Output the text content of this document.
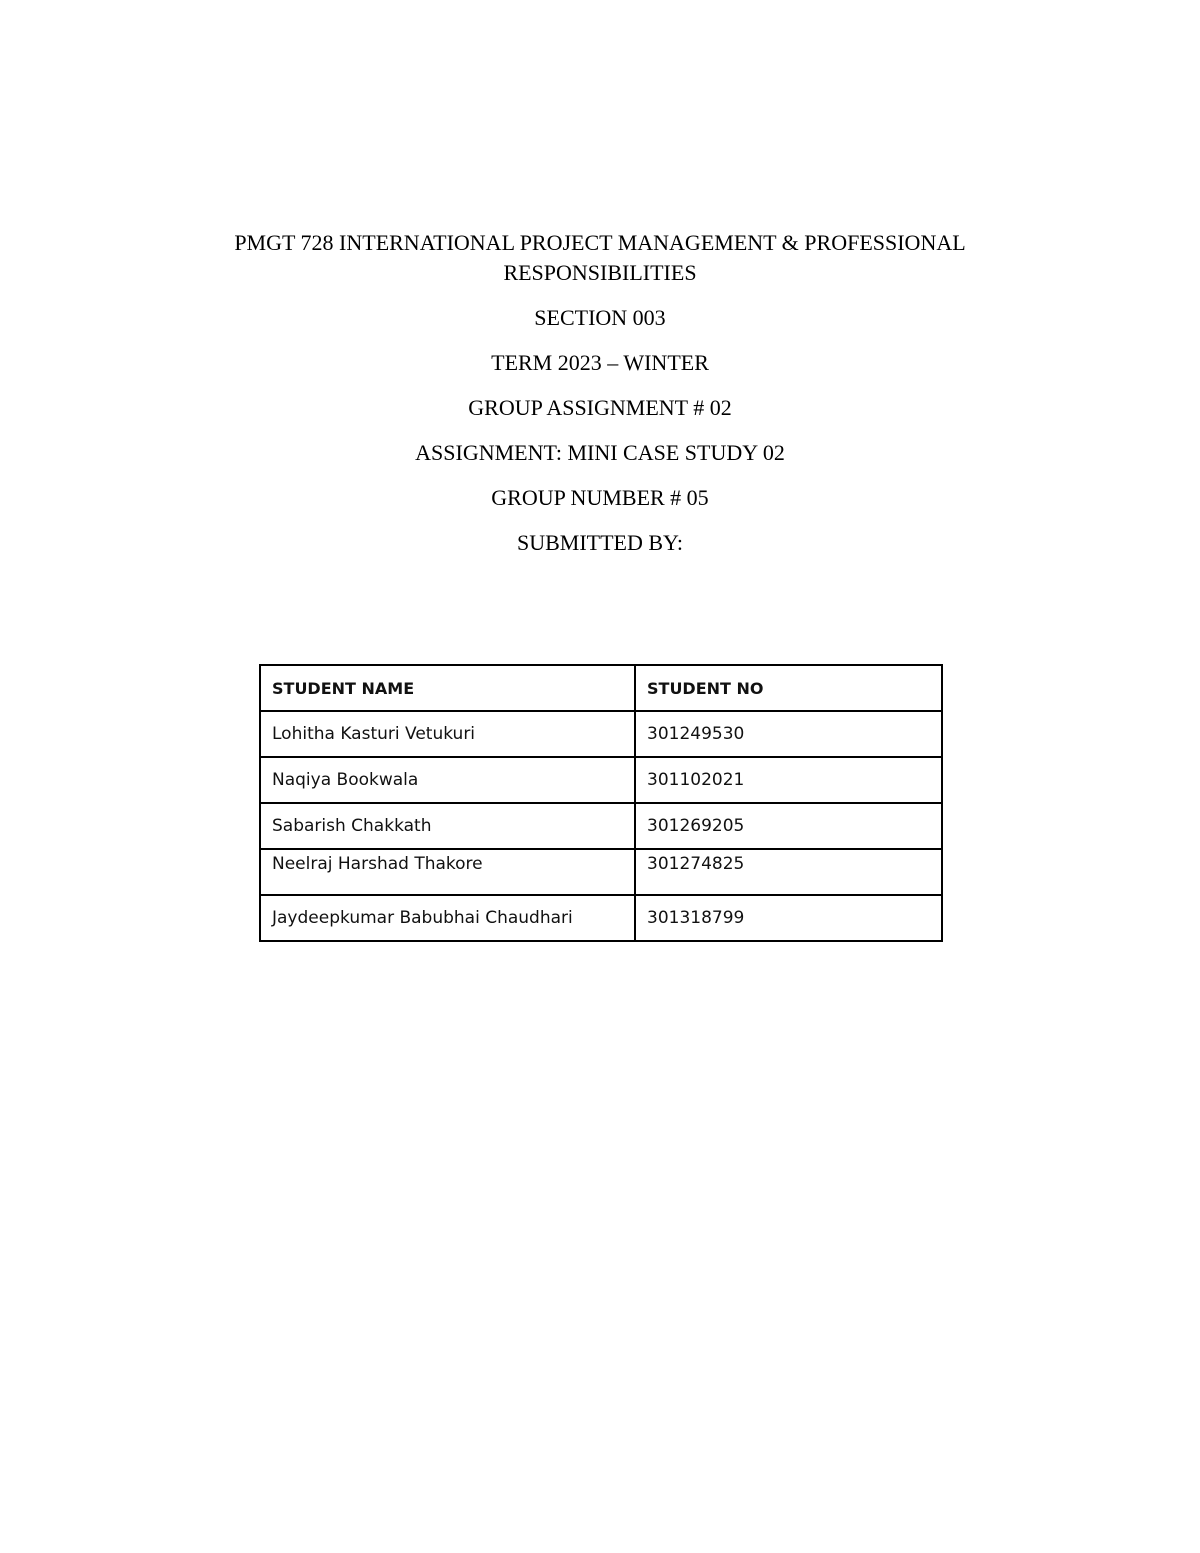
PMGT 728 INTERNATIONAL PROJECT MANAGEMENT & PROFESSIONAL RESPONSIBILITIES
SECTION 003
TERM 2023 – WINTER
GROUP ASSIGNMENT # 02
ASSIGNMENT: MINI CASE STUDY 02
GROUP NUMBER # 05
SUBMITTED BY:
STUDENT NAME	STUDENT NO
Lohitha Kasturi Vetukuri	301249530
Naqiya Bookwala	301102021
Sabarish Chakkath	301269205
Neelraj Harshad Thakore	301274825
Jaydeepkumar Babubhai Chaudhari	301318799
